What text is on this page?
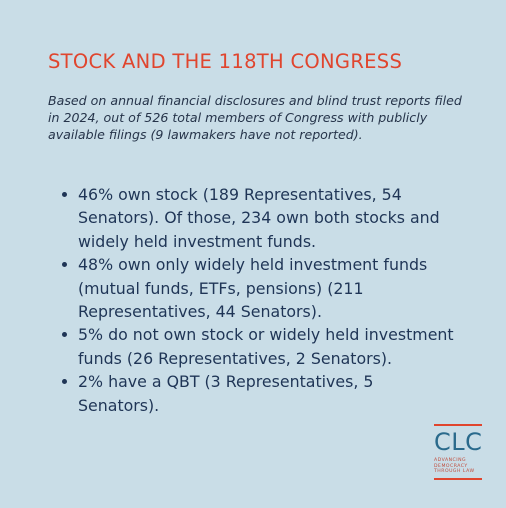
STOCK AND THE 118TH CONGRESS

Based on annual financial disclosures and blind trust reports filed in 2024, out of 526 total members of Congress with publicly available filings (9 lawmakers have not reported).

46% own stock (189 Representatives, 54 Senators). Of those, 234 own both stocks and widely held investment funds.
48% own only widely held investment funds (mutual funds, ETFs, pensions) (211 Representatives, 44 Senators).
5% do not own stock or widely held investment funds (26 Representatives, 2 Senators).
2% have a QBT (3 Representatives, 5 Senators).
CLC
ADVANCING
DEMOCRACY
THROUGH LAW
